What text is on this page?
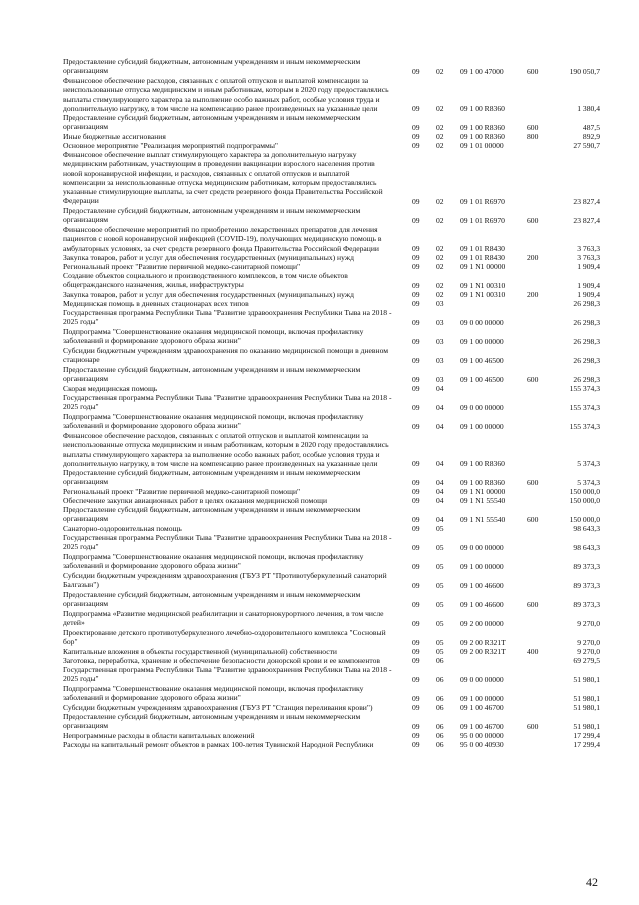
Предоставление субсидий бюджетным, автономным учреждениям и иным некоммерческим организациям	09 02 09 1 00 47000	600	190 050,7
Финансовое обеспечение расходов, связанных с оплатой отпусков и выплатой компенсации за неиспользованные отпуска медицинским и иным работникам, которым в 2020 году предоставлялись выплаты стимулирующего характера за выполнение особо важных работ, особые условия труда и дополнительную нагрузку, в том числе на компенсацию ранее произведенных на указанные цели	09 02 09 1 00 R8360	1 380,4
Предоставление субсидий бюджетным, автономным учреждениям и иным некоммерческим организациям	09 02 09 1 00 R8360	600	487,5
Иные бюджетные ассигнования	09 02 09 1 00 R8360	800	892,9
Основное мероприятие "Реализация мероприятий подпрограммы"	09 02 09 1 01 00000	27 590,7
Финансовое обеспечение выплат стимулирующего характера за дополнительную нагрузку медицинским работникам, участвующим в проведении вакцинации взрослого населения против новой коронавирусной инфекции, и расходов, связанных с оплатой отпусков и выплатой компенсации за неиспользованные отпуска медицинским работникам, которым предоставлялись указанные стимулирующие выплаты, за счет средств резервного фонда Правительства Российской Федерации	09 02 09 1 01 R6970	23 827,4
Предоставление субсидий бюджетным, автономным учреждениям и иным некоммерческим организациям	09 02 09 1 01 R6970	600	23 827,4
Финансовое обеспечение мероприятий по приобретению лекарственных препаратов для лечения пациентов с новой коронавирусной инфекцией (COVID-19), получающих медицинскую помощь в амбулаторных условиях, за счет средств резервного фонда Правительства Российской Федерации	09 02 09 1 01 R8430	3 763,3
Закупка товаров, работ и услуг для обеспечения государственных (муниципальных) нужд	09 02 09 1 01 R8430	200	3 763,3
Региональный проект "Развитие первичной медико-санитарной помощи"	09 02 09 1 N1 00000	1 909,4
Создание объектов социального и производственного комплексов, в том числе объектов общегражданского назначения, жилья, инфраструктуры	09 02 09 1 N1 00310	1 909,4
Закупка товаров, работ и услуг для обеспечения государственных (муниципальных) нужд	09 02 09 1 N1 00310	200	1 909,4
Медицинская помощь в дневных стационарах всех типов	09 03	26 298,3
Государственная программа Республики Тыва "Развитие здравоохранения Республики Тыва на 2018 - 2025 годы"	09 03 09 0 00 00000	26 298,3
Подпрограмма "Совершенствование оказания медицинской помощи, включая профилактику заболеваний и формирование здорового образа жизни"	09 03 09 1 00 00000	26 298,3
Субсидии бюджетным учреждениям здравоохранения по оказанию медицинской помощи в дневном стационаре	09 03 09 1 00 46500	26 298,3
Предоставление субсидий бюджетным, автономным учреждениям и иным некоммерческим организациям	09 03 09 1 00 46500	600	26 298,3
Скорая медицинская помощь	09 04	155 374,3
Государственная программа Республики Тыва "Развитие здравоохранения Республики Тыва на 2018 - 2025 годы"	09 04 09 0 00 00000	155 374,3
Подпрограмма "Совершенствование оказания медицинской помощи, включая профилактику заболеваний и формирование здорового образа жизни"	09 04 09 1 00 00000	155 374,3
Финансовое обеспечение расходов, связанных с оплатой отпусков и выплатой компенсации за неиспользованные отпуска медицинским и иным работникам, которым в 2020 году предоставлялись выплаты стимулирующего характера за выполнение особо важных работ, особые условия труда и дополнительную нагрузку, в том числе на компенсацию ранее произведенных на указанные цели	09 04 09 1 00 R8360	5 374,3
Предоставление субсидий бюджетным, автономным учреждениям и иным некоммерческим организациям	09 04 09 1 00 R8360	600	5 374,3
Региональный проект "Развитие первичной медико-санитарной помощи"	09 04 09 1 N1 00000	150 000,0
Обеспечение закупки авиационных работ в целях оказания медицинской помощи	09 04 09 1 N1 55540	150 000,0
Предоставление субсидий бюджетным, автономным учреждениям и иным некоммерческим организациям	09 04 09 1 N1 55540	600	150 000,0
Санаторно-оздоровительная помощь	09 05	98 643,3
Государственная программа Республики Тыва "Развитие здравоохранения Республики Тыва на 2018 - 2025 годы"	09 05 09 0 00 00000	98 643,3
Подпрограмма "Совершенствование оказания медицинской помощи, включая профилактику заболеваний и формирование здорового образа жизни"	09 05 09 1 00 00000	89 373,3
Субсидии бюджетным учреждениям здравоохранения (ГБУЗ РТ "Противотуберкулезный санаторий Балгазын")	09 05 09 1 00 46600	89 373,3
Предоставление субсидий бюджетным, автономным учреждениям и иным некоммерческим организациям	09 05 09 1 00 46600	600	89 373,3
Подпрограмма «Развитие медицинской реабилитации и санаторнокурортного лечения, в том числе детей»	09 05 09 2 00 00000	9 270,0
Проектирование детского противотуберкулезного лечебно-оздоровительного комплекса "Сосновый бор"	09 05 09 2 00 R321T	9 270,0
Капитальные вложения в объекты государственной (муниципальной) собственности	09 05 09 2 00 R321T	400	9 270,0
Заготовка, переработка, хранение и обеспечение безопасности донорской крови и ее компонентов	09 06	69 279,5
Государственная программа Республики Тыва "Развитие здравоохранения Республики Тыва на 2018 - 2025 годы"	09 06 09 0 00 00000	51 980,1
Подпрограмма "Совершенствование оказания медицинской помощи, включая профилактику заболеваний и формирование здорового образа жизни"	09 06 09 1 00 00000	51 980,1
Субсидии бюджетным учреждениям здравоохранения (ГБУЗ РТ "Станция переливания крови")	09 06 09 1 00 46700	51 980,1
Предоставление субсидий бюджетным, автономным учреждениям и иным некоммерческим организациям	09 06 09 1 00 46700	600	51 980,1
Непрограммные расходы в области капитальных вложений	09 06 95 0 00 00000	17 299,4
Расходы на капитальный ремонт объектов в рамках 100-летия Тувинской Народной Республики	09 06 95 0 00 40930	17 299,4
42
